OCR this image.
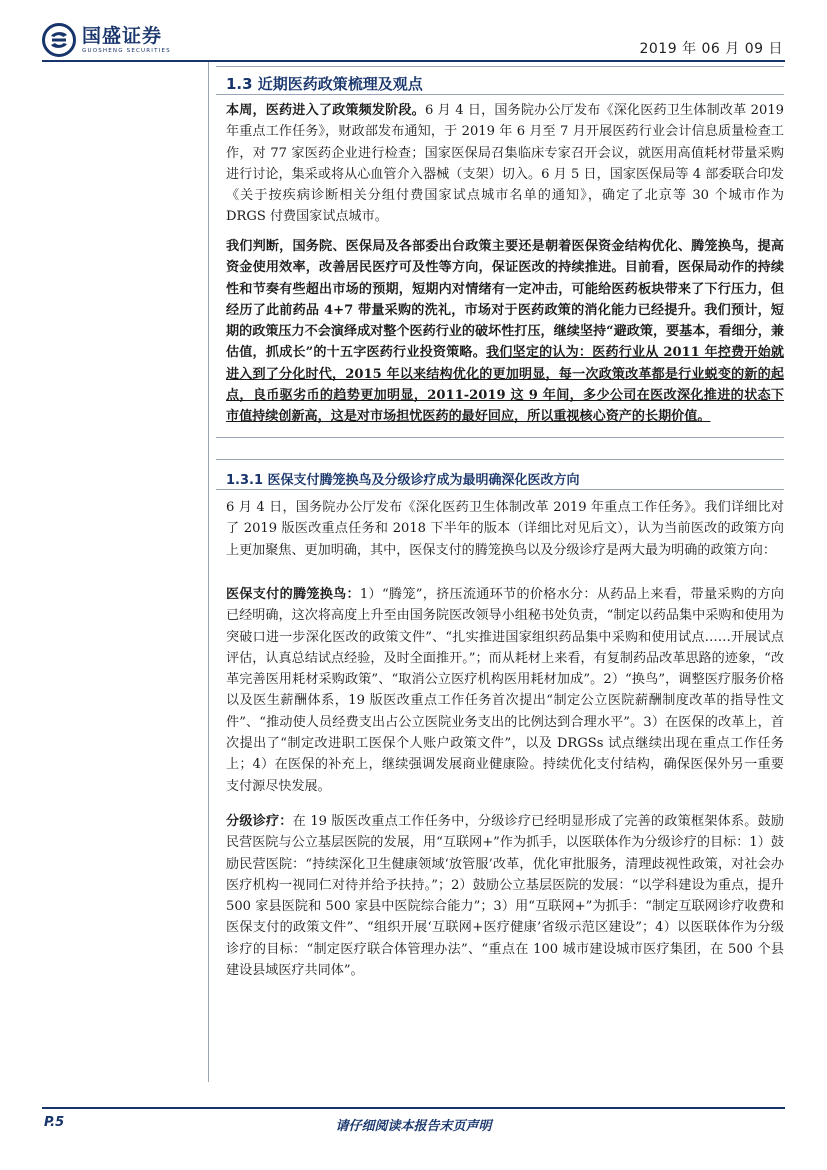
国盛证券
GUOSHENG SECURITIES	2019 年 06 月 09 日
1.3 近期医药政策梳理及观点

本周，医药进入了政策频发阶段。6 月 4 日，国务院办公厅发布《深化医药卫生体制改革 2019 年重点工作任务》，财政部发布通知，于 2019 年 6 月至 7 月开展医药行业会计信息质量检查工作，对 77 家医药企业进行检查；国家医保局召集临床专家召开会议，就医用高值耗材带量采购进行讨论，集采或将从心血管介入器械（支架）切入。6 月 5 日，国家医保局等 4 部委联合印发《关于按疾病诊断相关分组付费国家试点城市名单的通知》，确定了北京等 30 个城市作为 DRGS 付费国家试点城市。

我们判断，国务院、医保局及各部委出台政策主要还是朝着医保资金结构优化、腾笼换鸟，提高资金使用效率，改善居民医疗可及性等方向，保证医改的持续推进。目前看，医保局动作的持续性和节奏有些超出市场的预期，短期内对情绪有一定冲击，可能给医药板块带来了下行压力，但经历了此前药品 4+7 带量采购的洗礼，市场对于医药政策的消化能力已经提升。我们预计，短期的政策压力不会演绎成对整个医药行业的破坏性打压，继续坚持“避政策，要基本，看细分，兼估值，抓成长”的十五字医药行业投资策略。我们坚定的认为：医药行业从 2011 年控费开始就进入到了分化时代，2015 年以来结构优化的更加明显，每一次政策改革都是行业蜕变的新的起点，良币驱劣币的趋势更加明显，2011-2019 这 9 年间，多少公司在医改深化推进的状态下市值持续创新高，这是对市场担忧医药的最好回应，所以重视核心资产的长期价值。

1.3.1 医保支付腾笼换鸟及分级诊疗成为最明确深化医改方向

6 月 4 日，国务院办公厅发布《深化医药卫生体制改革 2019 年重点工作任务》。我们详细比对了 2019 版医改重点任务和 2018 下半年的版本（详细比对见后文），认为当前医改的政策方向上更加聚焦、更加明确，其中，医保支付的腾笼换鸟以及分级诊疗是两大最为明确的政策方向：

医保支付的腾笼换鸟：1）“腾笼”，挤压流通环节的价格水分：从药品上来看，带量采购的方向已经明确，这次将高度上升至由国务院医改领导小组秘书处负责，“制定以药品集中采购和使用为突破口进一步深化医改的政策文件”、“扎实推进国家组织药品集中采购和使用试点……开展试点评估，认真总结试点经验，及时全面推开。”；而从耗材上来看，有复制药品改革思路的迹象，“改革完善医用耗材采购政策”、“取消公立医疗机构医用耗材加成”。2）“换鸟”，调整医疗服务价格以及医生薪酬体系，19 版医改重点工作任务首次提出“制定公立医院薪酬制度改革的指导性文件”、“推动使人员经费支出占公立医院业务支出的比例达到合理水平”。3）在医保的改革上，首次提出了“制定改进职工医保个人账户政策文件”，以及 DRGSs 试点继续出现在重点工作任务上；4）在医保的补充上，继续强调发展商业健康险。持续优化支付结构，确保医保外另一重要支付源尽快发展。

分级诊疗：在 19 版医改重点工作任务中，分级诊疗已经明显形成了完善的政策框架体系。鼓励民营医院与公立基层医院的发展，用“互联网+”作为抓手，以医联体作为分级诊疗的目标：1）鼓励民营医院：“持续深化卫生健康领域‘放管服’改革，优化审批服务，清理歧视性政策，对社会办医疗机构一视同仁对待并给予扶持。”；2）鼓励公立基层医院的发展：“以学科建设为重点，提升 500 家县医院和 500 家县中医院综合能力”；3）用“互联网+”为抓手：“制定互联网诊疗收费和医保支付的政策文件”、“组织开展‘互联网+医疗健康’省级示范区建设”；4）以医联体作为分级诊疗的目标：“制定医疗联合体管理办法”、“重点在 100 城市建设城市医疗集团，在 500 个县建设县域医疗共同体”。

P.5	请仔细阅读本报告末页声明
